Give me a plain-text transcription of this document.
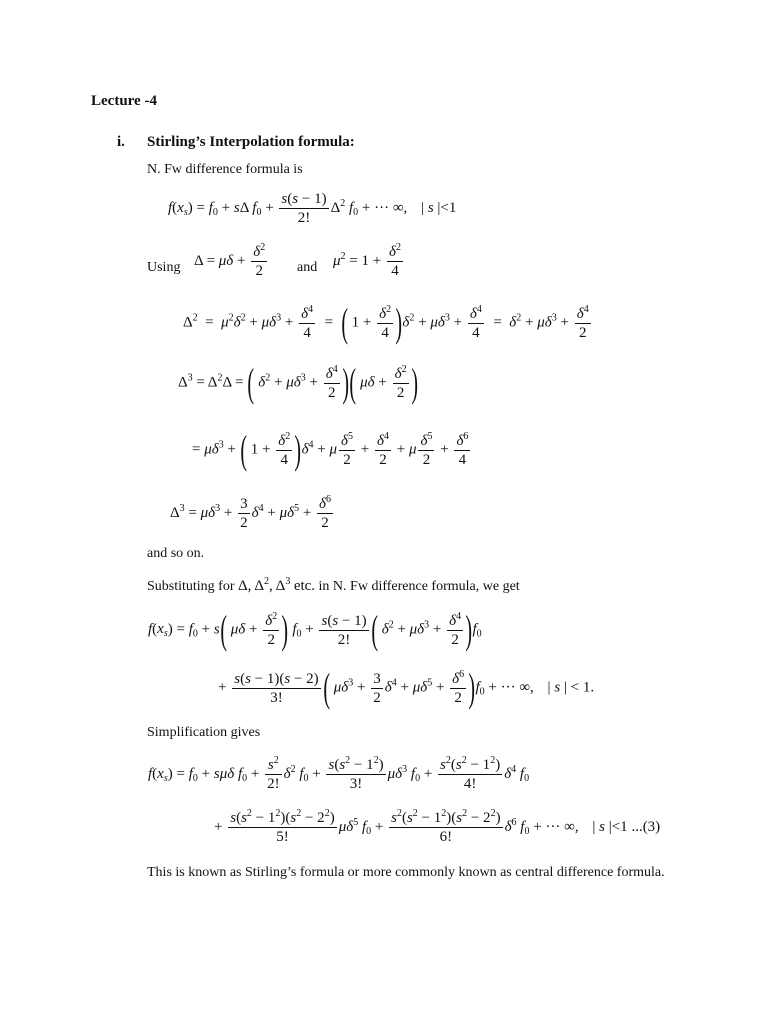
Lecture -4
i. Stirling’s Interpolation formula:
N. Fw difference formula is
$f(x_s) = f_0 + s\Delta$ $f_0 + \frac{s(s - 1)}{2!} \Delta^2$ $f_0$ + ··· ∞, | s |<1
Using $\Delta = \mu\delta + \frac{\delta^2}{2}$ and $\mu^2 = 1 + \frac{\delta^2}{4}$
$\Delta^2 = \mu^2\delta^2 + \mu\delta^3 + \frac{\delta^4}{4}$ =  ( $1 + \frac{\delta^2}{4} )\delta^2 + \mu\delta^3 + \frac{\delta^4}{4} = \delta^2 + \mu\delta^3 + \frac{\delta^4}{2}$
$\Delta^3 = \Delta^2\Delta$ = ( $\delta^2 + \mu\delta^3 + \frac{\delta^4}{2}$ )( $\mu\delta + \frac{\delta^2}{2}$ )
= $\mu\delta^3$ + ( $1 + \frac{\delta^2}{4} )\delta^4 + \mu \frac{\delta^5}{2} + \frac{\delta^4}{2} + \mu \frac{\delta^5}{2} + \frac{\delta^6}{4}$
$\Delta^3 = \mu\delta^3 + \frac{3}{2} \delta^4 + \mu\delta^5 + \frac{\delta^6}{2}$
and so on.
Substituting for Δ, $\Delta^2$, $\Delta^3$ etc. in N. Fw difference formula, we get
$f(x_s) = f_0 + s$( $\mu\delta + \frac{\delta^2}{2}$ ) $f_0 + \frac{s(s - 1)}{2!}$ ( $\delta^2 + \mu\delta^3 + \frac{\delta^4}{2} )f_0$
+ $\frac{s(s - 1)(s - 2)}{3!}$ ( $\mu\delta^3 + \frac{3}{2} \delta^4 + \mu\delta^5 + \frac{\delta^6}{2} )f_0$ + ··· ∞, | s | < 1.
Simplification gives
$f(x_s) = f_0 + s\mu\delta$ $f_0 + \frac{s^2}{2!} \delta^2$ $f_0 + \frac{s(s^2 - 1^2)}{3!} \mu\delta^3$ $f_0 + \frac{s^2(s^2 - 1^2)}{4!} \delta^4$ $f_0$
+ $\frac{s(s^2 - 1^2)(s^2 - 2^2)}{5!} \mu\delta^5$ $f_0 + \frac{s^2(s^2 - 1^2)(s^2 - 2^2)}{6!} \delta^6$ $f_0$ + ··· ∞, | s |<1 ...(3)
This is known as Stirling’s formula or more commonly known as central difference formula.
